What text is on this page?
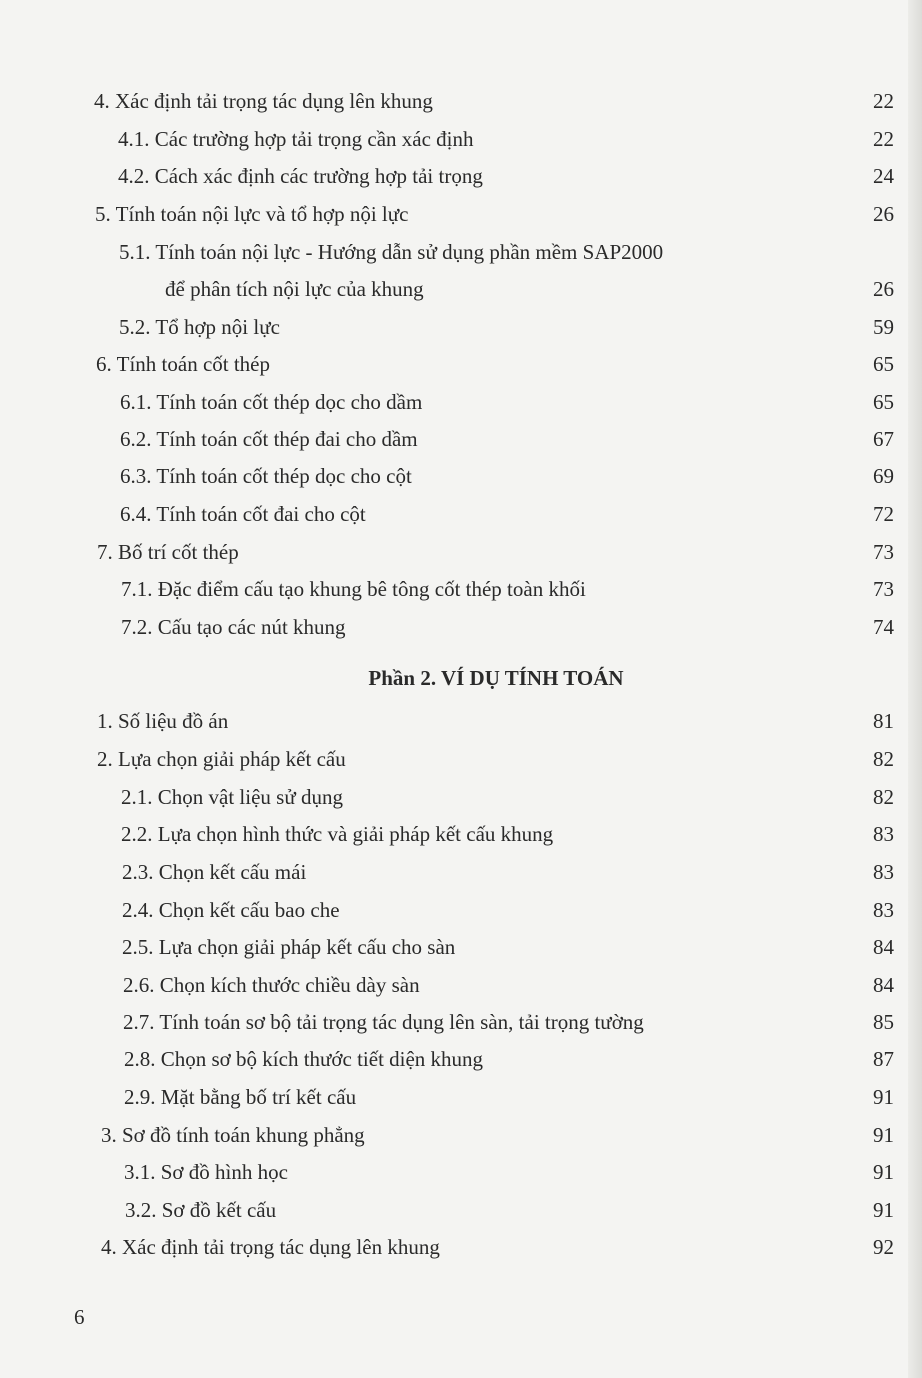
4. Xác định tải trọng tác dụng lên khung	22
4.1. Các trường hợp tải trọng cần xác định	22
4.2. Cách xác định các trường hợp tải trọng	24
5. Tính toán nội lực và tổ hợp nội lực	26
5.1. Tính toán nội lực - Hướng dẫn sử dụng phần mềm SAP2000
để phân tích nội lực của khung	26
5.2. Tổ hợp nội lực	59
6. Tính toán cốt thép	65
6.1. Tính toán cốt thép dọc cho dầm	65
6.2. Tính toán cốt thép đai cho dầm	67
6.3. Tính toán cốt thép dọc cho cột	69
6.4. Tính toán cốt đai cho cột	72
7. Bố trí cốt thép	73
7.1. Đặc điểm cấu tạo khung bê tông cốt thép toàn khối	73
7.2. Cấu tạo các nút khung	74
Phần 2. VÍ DỤ TÍNH TOÁN
1. Số liệu đồ án	81
2. Lựa chọn giải pháp kết cấu	82
2.1. Chọn vật liệu sử dụng	82
2.2. Lựa chọn hình thức và giải pháp kết cấu khung	83
2.3. Chọn kết cấu mái	83
2.4. Chọn kết cấu bao che	83
2.5. Lựa chọn giải pháp kết cấu cho sàn	84
2.6. Chọn kích thước chiều dày sàn	84
2.7. Tính toán sơ bộ tải trọng tác dụng lên sàn, tải trọng tường	85
2.8. Chọn sơ bộ kích thước tiết diện khung	87
2.9. Mặt bằng bố trí kết cấu	91
3. Sơ đồ tính toán khung phẳng	91
3.1. Sơ đồ hình học	91
3.2. Sơ đồ kết cấu	91
4. Xác định tải trọng tác dụng lên khung	92
6
